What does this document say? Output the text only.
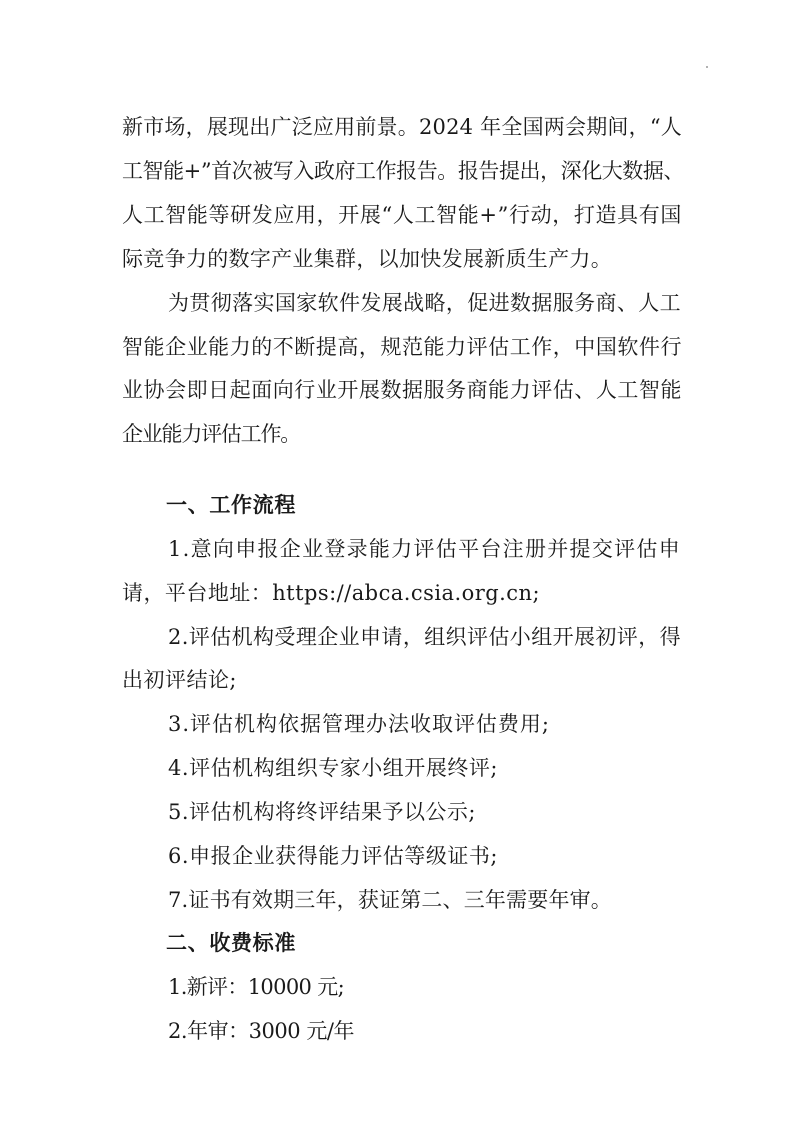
新市场，展现出广泛应用前景。2024 年全国两会期间，“人
工智能+”首次被写入政府工作报告。报告提出，深化大数据、
人工智能等研发应用，开展“人工智能+”行动，打造具有国
际竞争力的数字产业集群，以加快发展新质生产力。
为贯彻落实国家软件发展战略，促进数据服务商、人工
智能企业能力的不断提高，规范能力评估工作，中国软件行
业协会即日起面向行业开展数据服务商能力评估、人工智能
企业能力评估工作。
一、工作流程
1.意向申报企业登录能力评估平台注册并提交评估申
请，平台地址：https://abca.csia.org.cn;
2.评估机构受理企业申请，组织评估小组开展初评，得
出初评结论;
3.评估机构依据管理办法收取评估费用;
4.评估机构组织专家小组开展终评;
5.评估机构将终评结果予以公示;
6.申报企业获得能力评估等级证书;
7.证书有效期三年，获证第二、三年需要年审。
二、收费标准
1.新评：10000 元;
2.年审：3000 元/年
